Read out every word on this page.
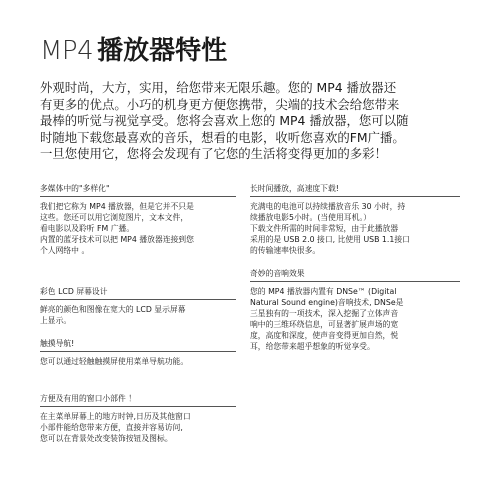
MP4 播放器特性
外观时尚，大方，实用，给您带来无限乐趣。您的 MP4 播放器还
有更多的优点。小巧的机身更方便您携带，尖端的技术会给您带来
最棒的听觉与视觉享受。您将会喜欢上您的 MP4 播放器，您可以随
时随地下载您最喜欢的音乐，想看的电影，收听您喜欢的FM广播。
一旦您使用它，您将会发现有了它您的生活将变得更加的多彩！

多媒体中的"多样化"

我们把它称为 MP4 播放器，但是它并不只是
这些。您还可以用它浏览图片，文本文件，
看电影以及聆听 FM 广播。
内置的蓝牙技术可以把 MP4 播放器连接到您
个人网络中 。

彩色 LCD 屏幕设计

鲜亮的颜色和图像在宽大的 LCD 显示屏幕
上显示。

触摸导航!

您可以通过轻触触摸屏使用菜单导航功能。

方便及有用的窗口小部件 ！

在主菜单屏幕上的地方时钟,日历及其他窗口
小部件能给您带来方便，直接并容易访问,
您可以在背景处改变装饰按钮及图标。

长时间播放，高速度下载!

充满电的电池可以持续播放音乐 30 小时，持
续播放电影5小时。(当使用耳机。）
下载文件所需的时间非常短，由于此播放器
采用的是 USB 2.0 接口, 比使用 USB 1.1接口
的传输速率快很多。

奇妙的音响效果

您的 MP4 播放器内置有 DNSe™ (Digital
Natural Sound engine)音响技术, DNSe是
三星独有的一项技术，深入挖掘了立体声音
响中的三维环绕信息，可显著扩展声场的宽
度，高度和深度，使声音变得更加自然，悦
耳，给您带来超乎想象的听觉享受。
